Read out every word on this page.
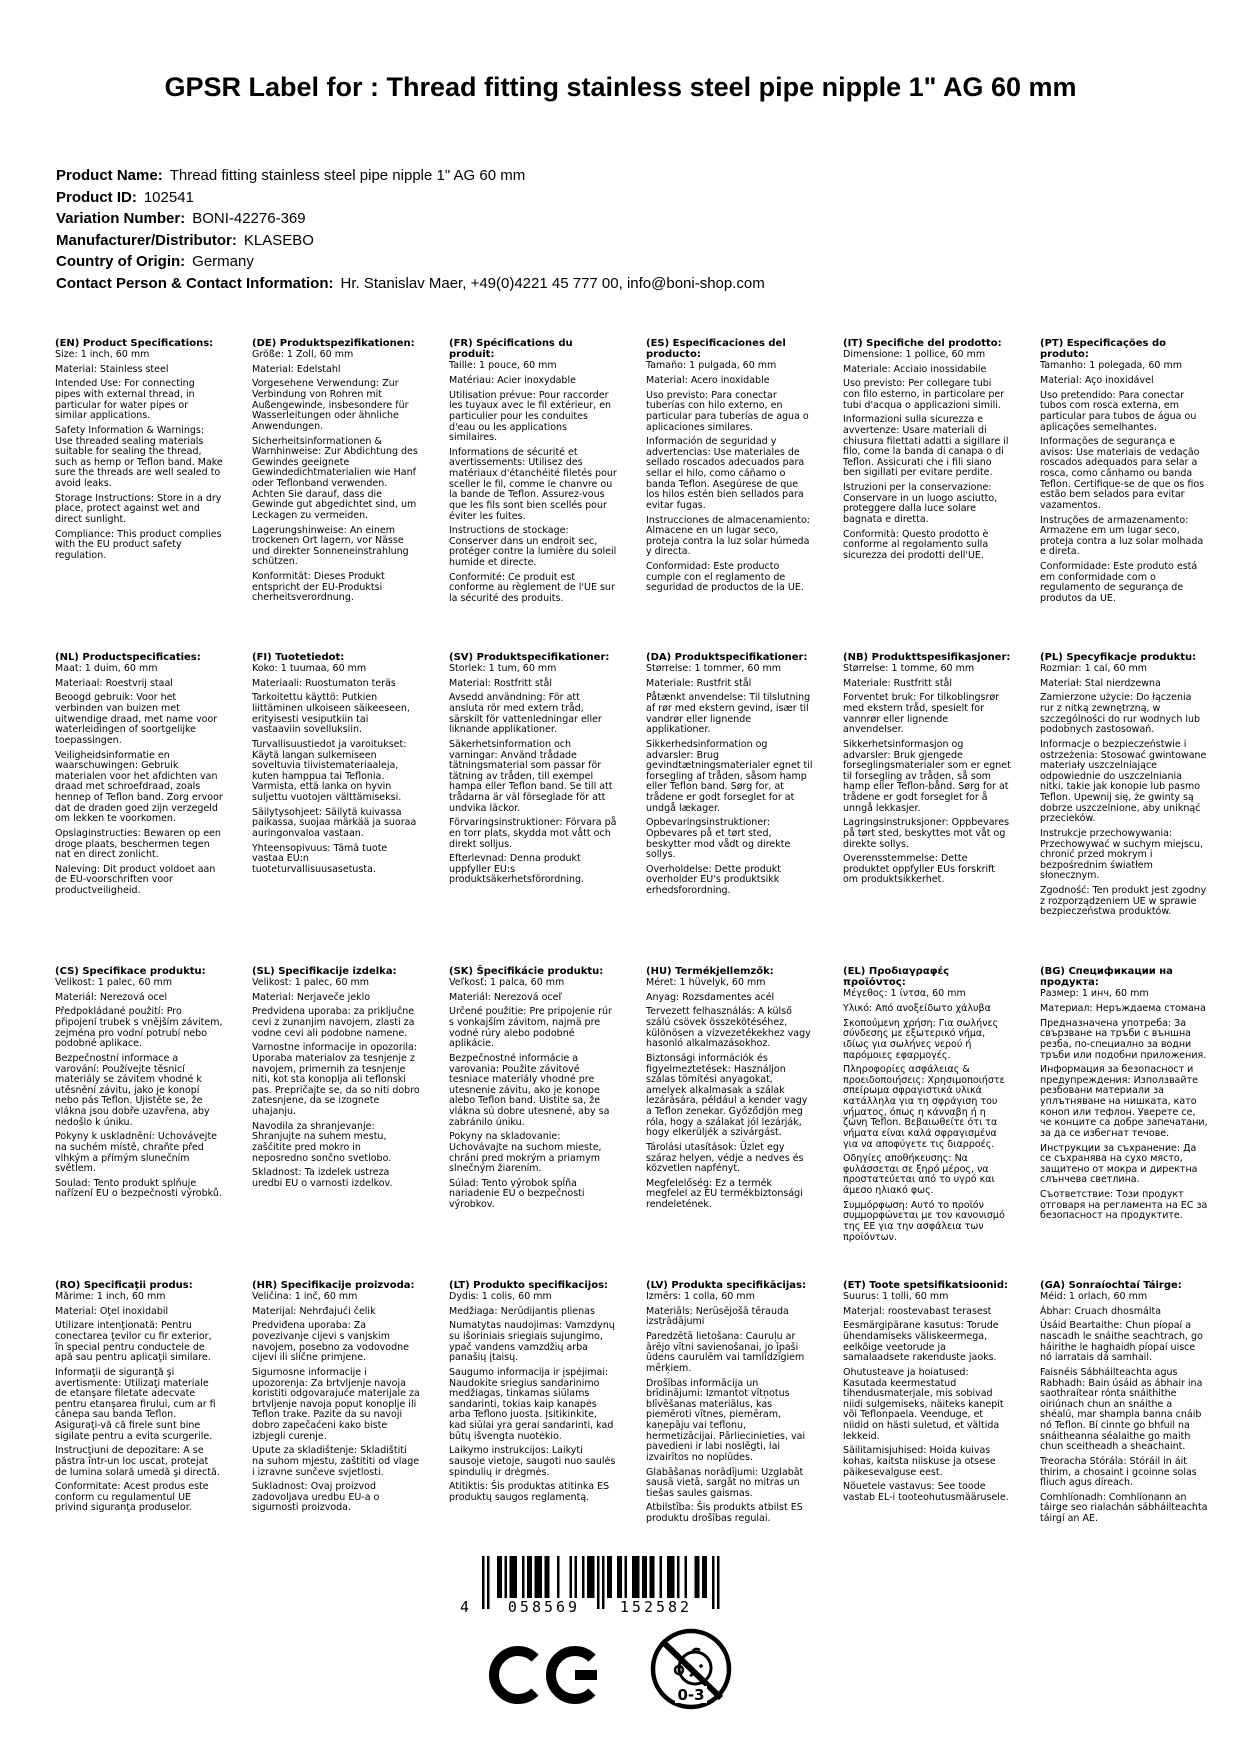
GPSR Label for : Thread fitting stainless steel pipe nipple 1" AG 60 mm
Product Name: Thread fitting stainless steel pipe nipple 1" AG 60 mm
Product ID: 102541
Variation Number: BONI-42276-369
Manufacturer/Distributor: KLASEBO
Country of Origin: Germany
Contact Person & Contact Information: Hr. Stanislav Maer, +49(0)4221 45 777 00, info@boni-shop.com
(EN) Product Specifications:

Size: 1 inch, 60 mm

Material: Stainless steel

Intended Use: For connecting pipes with external thread, in particular for water pipes or similar applications.

Safety Information & Warnings: Use threaded sealing materials suitable for sealing the thread, such as hemp or Teflon band. Make sure the threads are well sealed to avoid leaks.

Storage Instructions: Store in a dry place, protect against wet and direct sunlight.

Compliance: This product complies with the EU product safety regulation.

(DE) Produktspezifikationen:

Größe: 1 Zoll, 60 mm

Material: Edelstahl

Vorgesehene Verwendung: Zur Verbindung von Rohren mit Außengewinde, insbesondere für Wasserleitungen oder ähnliche Anwendungen.

Sicherheitsinformationen & Warnhinweise: Zur Abdichtung des Gewindes geeignete Gewindedichtmaterialien wie Hanf oder Teflonband verwenden. Achten Sie darauf, dass die Gewinde gut abgedichtet sind, um Leckagen zu vermeiden.

Lagerungshinweise: An einem trockenen Ort lagern, vor Nässe und direkter Sonneneinstrahlung schützen.

Konformität: Dieses Produkt entspricht der EU-Produktsi cherheitsverordnung.

(FR) Spécifications du produit:

Taille: 1 pouce, 60 mm

Matériau: Acier inoxydable

Utilisation prévue: Pour raccorder les tuyaux avec le fil extérieur, en particulier pour les conduites d'eau ou les applications similaires.

Informations de sécurité et avertissements: Utilisez des matériaux d'étanchéité filetés pour sceller le fil, comme le chanvre ou la bande de Teflon. Assurez-vous que les fils sont bien scellés pour éviter les fuites.

Instructions de stockage: Conserver dans un endroit sec, protéger contre la lumière du soleil humide et directe.

Conformité: Ce produit est conforme au règlement de l'UE sur la sécurité des produits.

(ES) Especificaciones del producto:

Tamaño: 1 pulgada, 60 mm

Material: Acero inoxidable

Uso previsto: Para conectar tuberías con hilo externo, en particular para tuberías de agua o aplicaciones similares.

Información de seguridad y advertencias: Use materiales de sellado roscados adecuados para sellar el hilo, como cáñamo o banda Teflon. Asegúrese de que los hilos estén bien sellados para evitar fugas.

Instrucciones de almacenamiento: Almacene en un lugar seco, proteja contra la luz solar húmeda y directa.

Conformidad: Este producto cumple con el reglamento de seguridad de productos de la UE.

(IT) Specifiche del prodotto:

Dimensione: 1 pollice, 60 mm

Materiale: Acciaio inossidabile

Uso previsto: Per collegare tubi con filo esterno, in particolare per tubi d'acqua o applicazioni simili.

Informazioni sulla sicurezza e avvertenze: Usare materiali di chiusura filettati adatti a sigillare il filo, come la banda di canapa o di Teflon. Assicurati che i fili siano ben sigillati per evitare perdite.

Istruzioni per la conservazione: Conservare in un luogo asciutto, proteggere dalla luce solare bagnata e diretta.

Conformità: Questo prodotto è conforme al regolamento sulla sicurezza dei prodotti dell'UE.

(PT) Especificações do produto:

Tamanho: 1 polegada, 60 mm

Material: Aço inoxidável

Uso pretendido: Para conectar tubos com rosca externa, em particular para tubos de água ou aplicações semelhantes.

Informações de segurança e avisos: Use materiais de vedação roscados adequados para selar a rosca, como cânhamo ou banda Teflon. Certifique-se de que os fios estão bem selados para evitar vazamentos.

Instruções de armazenamento: Armazene em um lugar seco, proteja contra a luz solar molhada e direta.

Conformidade: Este produto está em conformidade com o regulamento de segurança de produtos da UE.

(NL) Productspecificaties:

Maat: 1 duim, 60 mm

Materiaal: Roestvrij staal

Beoogd gebruik: Voor het verbinden van buizen met uitwendige draad, met name voor waterleidingen of soortgelijke toepassingen.

Veiligheidsinformatie en waarschuwingen: Gebruik materialen voor het afdichten van draad met schroefdraad, zoals hennep of Teflon band. Zorg ervoor dat de draden goed zijn verzegeld om lekken te voorkomen.

Opslaginstructies: Bewaren op een droge plaats, beschermen tegen nat en direct zonlicht.

Naleving: Dit product voldoet aan de EU-voorschriften voor productveiligheid.

(FI) Tuotetiedot:

Koko: 1 tuumaa, 60 mm

Materiaali: Ruostumaton teräs

Tarkoitettu käyttö: Putkien liittäminen ulkoiseen säikeeseen, erityisesti vesiputkiin tai vastaaviin sovelluksiin.

Turvallisuustiedot ja varoitukset: Käytä langan sulkemiseen soveltuvia tiivistemateriaaleja, kuten hamppua tai Teflonia. Varmista, että lanka on hyvin suljettu vuotojen välttämiseksi.

Säilytysohjeet: Säilytä kuivassa paikassa, suojaa märkää ja suoraa auringonvaloa vastaan.

Yhteensopivuus: Tämä tuote vastaa EU:n tuoteturvallisuusasetusta.

(SV) Produktspecifikationer:

Storlek: 1 tum, 60 mm

Material: Rostfritt stål

Avsedd användning: För att ansluta rör med extern tråd, särskilt för vattenledningar eller liknande applikationer.

Säkerhetsinformation och varningar: Använd trådade tätningsmaterial som passar för tätning av tråden, till exempel hampa eller Teflon band. Se till att trådarna är väl förseglade för att undvika läckor.

Förvaringsinstruktioner: Förvara på en torr plats, skydda mot vått och direkt solljus.

Efterlevnad: Denna produkt uppfyller EU:s produktsäkerhetsförordning.

(DA) Produktspecifikationer:

Størrelse: 1 tommer, 60 mm

Materiale: Rustfrit stål

Påtænkt anvendelse: Til tilslutning af rør med ekstern gevind, især til vandrør eller lignende applikationer.

Sikkerhedsinformation og advarsler: Brug gevindtætningsmaterialer egnet til forsegling af tråden, såsom hamp eller Teflon band. Sørg for, at trådene er godt forseglet for at undgå lækager.

Opbevaringsinstruktioner: Opbevares på et tørt sted, beskytter mod vådt og direkte sollys.

Overholdelse: Dette produkt overholder EU's produktsikk erhedsforordning.

(NB) Produkttspesifikasjoner:

Størrelse: 1 tomme, 60 mm

Materiale: Rustfritt stål

Forventet bruk: For tilkoblingsrør med ekstern tråd, spesielt for vannrør eller lignende anvendelser.

Sikkerhetsinformasjon og advarsler: Bruk gjengede forseglingsmaterialer som er egnet til forsegling av tråden, så som hamp eller Teflon-bånd. Sørg for at trådene er godt forseglet for å unngå lekkasjer.

Lagringsinstruksjoner: Oppbevares på tørt sted, beskyttes mot våt og direkte sollys.

Overensstemmelse: Dette produktet oppfyller EUs forskrift om produktsikkerhet.

(PL) Specyfikacje produktu:

Rozmiar: 1 cal, 60 mm

Materiał: Stal nierdzewna

Zamierzone użycie: Do łączenia rur z nitką zewnętrzną, w szczególności do rur wodnych lub podobnych zastosowań.

Informacje o bezpieczeństwie i ostrzeżenia: Stosować gwintowane materiały uszczelniające odpowiednie do uszczelniania nitki, takie jak konopie lub pasmo Teflon. Upewnij się, że gwinty są dobrze uszczelnione, aby uniknąć przecieków.

Instrukcje przechowywania: Przechowywać w suchym miejscu, chronić przed mokrym i bezpośrednim światłem słonecznym.

Zgodność: Ten produkt jest zgodny z rozporządzeniem UE w sprawie bezpieczeństwa produktów.

(CS) Specifikace produktu:

Velikost: 1 palec, 60 mm

Materiál: Nerezová ocel

Předpokládané použití: Pro připojení trubek s vnějším závitem, zejména pro vodní potrubí nebo podobné aplikace.

Bezpečnostní informace a varování: Používejte těsnicí materiály se závitem vhodné k utěsnění závitu, jako je konopí nebo pás Teflon. Ujistěte se, že vlákna jsou dobře uzavřena, aby nedošlo k úniku.

Pokyny k uskladnění: Uchovávejte na suchém místě, chraňte před vlhkým a přímým slunečním světlem.

Soulad: Tento produkt splňuje nařízení EU o bezpečnosti výrobků.

(SL) Specifikacije izdelka:

Velikost: 1 palec, 60 mm

Material: Nerjaveče jeklo

Predvidena uporaba: za priključne cevi z zunanjim navojem, zlasti za vodne cevi ali podobne namene.

Varnostne informacije in opozorila: Uporaba materialov za tesnjenje z navojem, primernih za tesnjenje niti, kot sta konoplja ali teflonski pas. Prepričajte se, da so niti dobro zatesnjene, da se izognete uhajanju.

Navodila za shranjevanje: Shranjujte na suhem mestu, zaščitite pred mokro in neposredno sončno svetlobo.

Skladnost: Ta izdelek ustreza uredbi EU o varnosti izdelkov.

(SK) Špecifikácie produktu:

Veľkosť: 1 palca, 60 mm

Materiál: Nerezová oceľ

Určené použitie: Pre pripojenie rúr s vonkajším závitom, najmä pre vodné rúry alebo podobné aplikácie.

Bezpečnostné informácie a varovania: Použite závitové tesniace materiály vhodné pre utesnenie závitu, ako je konope alebo Teflon band. Uistite sa, že vlákna sú dobre utesnené, aby sa zabránilo úniku.

Pokyny na skladovanie: Uchovávajte na suchom mieste, chráni pred mokrým a priamym slnečným žiarením.

Súlad: Tento výrobok spĺňa nariadenie EÚ o bezpečnosti výrobkov.

(HU) Termékjellemzők:

Méret: 1 hüvelyk, 60 mm

Anyag: Rozsdamentes acél

Tervezett felhasználás: A külső szálú csövek összekötéséhez, különösen a vízvezetékekhez vagy hasonló alkalmazásokhoz.

Biztonsági információk és figyelmeztetések: Használjon szálas tömítési anyagokat, amelyek alkalmasak a szálak lezárására, például a kender vagy a Teflon zenekar. Győződjön meg róla, hogy a szálakat jól lezárják, hogy elkerüljék a szivárgást.

Tárolási utasítások: Üzlet egy száraz helyen, védje a nedves és közvetlen napfényt.

Megfelelőség: Ez a termék megfelel az EU termékbiztonsági rendeletének.

(EL) Προδιαγραφές προϊόντος:

Μέγεθος: 1 ίντσα, 60 mm

Υλικό: Από ανοξείδωτο χάλυβα

Σκοπούμενη χρήση: Για σωλήνες σύνδεσης με εξωτερικό νήμα, ιδίως για σωλήνες νερού ή παρόμοιες εφαρμογές.

Πληροφορίες ασφάλειας & προειδοποιήσεις: Χρησιμοποιήστε σπείρωμα σφραγιστικά υλικά κατάλληλα για τη σφράγιση του νήματος, όπως η κάνναβη ή η ζώνη Teflon. Βεβαιωθείτε ότι τα νήματα είναι καλά σφραγισμένα για να αποφύγετε τις διαρροές.

Οδηγίες αποθήκευσης: Να φυλάσσεται σε ξηρό μέρος, να προστατεύεται από το υγρό και άμεσο ηλιακό φως.

Συμμόρφωση: Αυτό το προϊόν συμμορφώνεται με τον κανονισμό της ΕΕ για την ασφάλεια των προϊόντων.

(BG) Спецификации на продукта:

Размер: 1 инч, 60 mm

Материал: Неръждаема стомана

Предназначена употреба: За свързване на тръби с външна резба, по-специално за водни тръби или подобни приложения.

Информация за безопасност и предупреждения: Използвайте резбовани материали за уплътняване на нишката, като коноп или тефлон. Уверете се, че конците са добре запечатани, за да се избегнат течове.

Инструкции за съхранение: Да се съхранява на сухо място, защитено от мокра и директна слънчева светлина.

Съответствие: Този продукт отговаря на регламента на ЕС за безопасност на продуктите.

(RO) Specificaţii produs:

Mărime: 1 inch, 60 mm

Material: Oţel inoxidabil

Utilizare intenţionată: Pentru conectarea ţevilor cu fir exterior, în special pentru conductele de apă sau pentru aplicaţii similare.

Informaţii de siguranţă şi avertismente: Utilizaţi materiale de etanşare filetate adecvate pentru etanşarea firului, cum ar fi cânepa sau banda Teflon. Asiguraţi-vă că firele sunt bine sigilate pentru a evita scurgerile.

Instrucţiuni de depozitare: A se păstra într-un loc uscat, protejat de lumina solară umedă şi directă.

Conformitate: Acest produs este conform cu regulamentul UE privind siguranţa produselor.

(HR) Specifikacije proizvoda:

Veličina: 1 inč, 60 mm

Materijal: Nehrđajući čelik

Predviđena uporaba: Za povezivanje cijevi s vanjskim navojem, posebno za vodovodne cijevi ili slične primjene.

Sigurnosne informacije i upozorenja: Za brtvljenje navoja koristiti odgovarajuće materijale za brtvljenje navoja poput konoplje ili Teflon trake. Pazite da su navoji dobro zapečaćeni kako biste izbjegli curenje.

Upute za skladištenje: Skladištiti na suhom mjestu, zaštititi od vlage i izravne sunčeve svjetlosti.

Sukladnost: Ovaj proizvod zadovoljava uredbu EU-a o sigurnosti proizvoda.

(LT) Produkto specifikacijos:

Dydis: 1 colis, 60 mm

Medžiaga: Nerūdijantis plienas

Numatytas naudojimas: Vamzdynų su išoriniais sriegiais sujungimo, ypač vandens vamzdžių arba panašių įtaisų.

Saugumo informacija ir įspėjimai: Naudokite sriegius sandarinimo medžiagas, tinkamas siūlams sandarinti, tokias kaip kanapės arba Teflono juosta. Įsitikinkite, kad siūlai yra gerai sandarinti, kad būtų išvengta nuotėkio.

Laikymo instrukcijos: Laikyti sausoje vietoje, saugoti nuo saulės spindulių ir drėgmės.

Atitiktis: Šis produktas atitinka ES produktų saugos reglamentą.

(LV) Produkta specifikācijas:

Izmērs: 1 colla, 60 mm

Materiāls: Nerūsējošā tērauda izstrādājumi

Paredzētā lietošana: Cauruļu ar ārējo vītni savienošanai, jo īpaši ūdens caurulēm vai tamlīdzīgiem mērķiem.

Drošības informācija un brīdinājumi: Izmantot vītņotus blīvēšanas materiālus, kas piemēroti vītnes, piemēram, kaņepāju vai teflonu, hermetizācijai. Pārliecinieties, vai pavedieni ir labi noslēgti, lai izvairītos no noplūdes.

Glabāšanas norādījumi: Uzglabāt sausā vietā, sargāt no mitras un tiešas saules gaismas.

Atbilstība: Šis produkts atbilst ES produktu drošības regulai.

(ET) Toote spetsifikatsioonid:

Suurus: 1 tolli, 60 mm

Materjal: roostevabast terasest

Eesmärgipärane kasutus: Torude ühendamiseks väliskeermega, eelkõige veetorude ja samalaadsete rakenduste jaoks.

Ohutusteave ja hoiatused: Kasutada keermestatud tihendusmaterjale, mis sobivad niidi sulgemiseks, näiteks kanepit või Teflonpaela. Veenduge, et niidid on hästi suletud, et vältida lekkeid.

Säilitamisjuhised: Hoida kuivas kohas, kaitsta niiskuse ja otsese päikesevalguse eest.

Nõuetele vastavus: See toode vastab EL-i tooteohutusmäärusele.

(GA) Sonraíochtaí Táirge:

Méid: 1 orlach, 60 mm

Ábhar: Cruach dhosmálta

Úsáid Beartaithe: Chun píopaí a nascadh le snáithe seachtrach, go háirithe le haghaidh píopaí uisce nó iarratais dá samhail.

Faisnéis Sábháilteachta agus Rabhadh: Bain úsáid as ábhair ina saothraítear rónta snáithithe oiriúnach chun an snáithe a shéalú, mar shampla banna cnáib nó Teflon. Bí cinnte go bhfuil na snáitheanna séalaithe go maith chun sceitheadh a sheachaint.

Treoracha Stórála: Stóráil in áit thirim, a chosaint i gcoinne solas fliuch agus díreach.

Comhlíonadh: Comhlíonann an táirge seo rialachán sábháilteachta táirgí an AE.

4	058569	152582
0-3
